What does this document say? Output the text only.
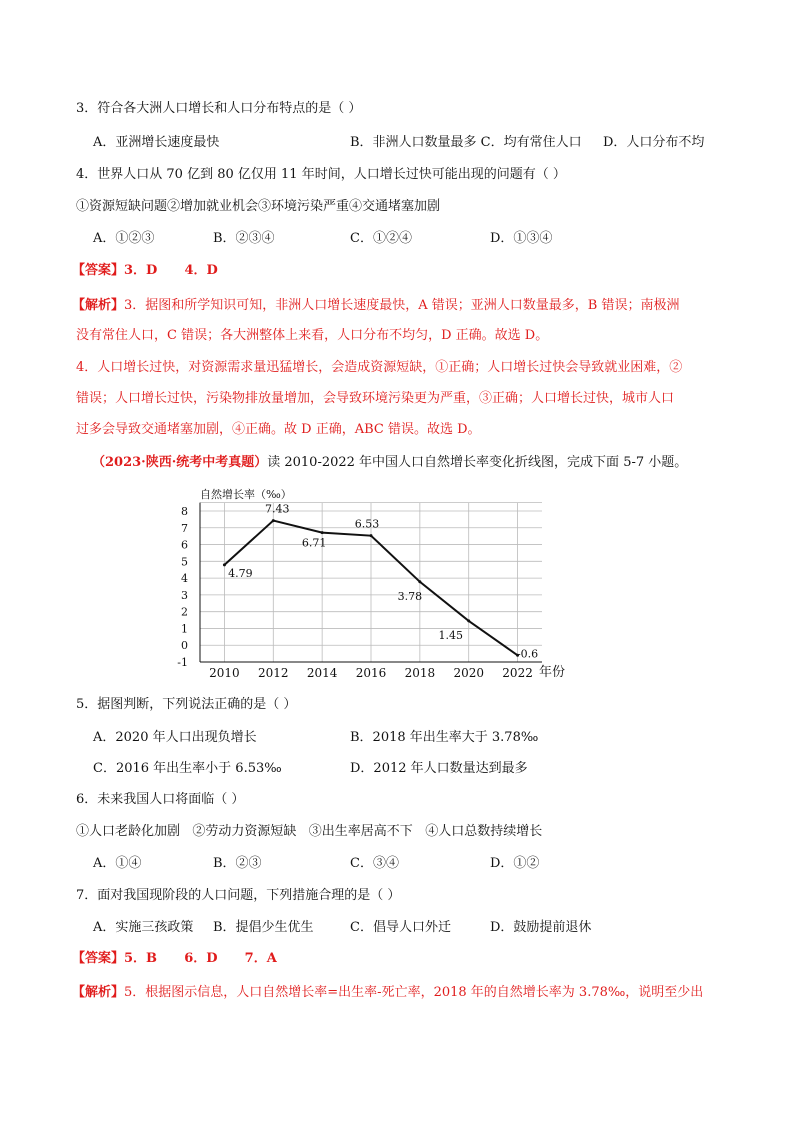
3．符合各大洲人口增长和人口分布特点的是（ ）
A．亚洲增长速度最快	B．非洲人口数量最多 C．均有常住人口 D．人口分布不均
4．世界人口从 70 亿到 80 亿仅用 11 年时间，人口增长过快可能出现的问题有（ ）
①资源短缺问题②增加就业机会③环境污染严重④交通堵塞加剧
A．①②③	B．②③④	C．①②④	D．①③④
【答案】3．D      4．D
【解析】3．据图和所学知识可知，非洲人口增长速度最快，A 错误；亚洲人口数量最多，B 错误；南极洲
没有常住人口，C 错误；各大洲整体上来看，人口分布不均匀，D 正确。故选 D。
4．人口增长过快，对资源需求量迅猛增长，会造成资源短缺，①正确；人口增长过快会导致就业困难，②
错误；人口增长过快，污染物排放量增加，会导致环境污染更为严重，③正确；人口增长过快，城市人口
过多会导致交通堵塞加剧，④正确。故 D 正确，ABC 错误。故选 D。
（2023·陕西·统考中考真题）读 2010-2022 年中国人口自然增长率变化折线图，完成下面 5-7 小题。
-1
0
1
2
3
4
5
6
7
8
2010 2012 2014 2016 2018 2020 2022
4.79
7.43
6.71
6.53
3.78
1.45
-0.6
自然增长率（‰）
年份
5．据图判断，下列说法正确的是（ ）
A．2020 年人口出现负增长	B．2018 年出生率大于 3.78‰
C．2016 年出生率小于 6.53‰	D．2012 年人口数量达到最多
6．未来我国人口将面临（ ）
①人口老龄化加剧   ②劳动力资源短缺   ③出生率居高不下   ④人口总数持续增长
A．①④	B．②③	C．③④	D．①②
7．面对我国现阶段的人口问题，下列措施合理的是（ ）
A．实施三孩政策 B．提倡少生优生	C．倡导人口外迁	D．鼓励提前退休
【答案】5．B      6．D      7．A
【解析】5．根据图示信息，人口自然增长率=出生率-死亡率，2018 年的自然增长率为 3.78‰，说明至少出
